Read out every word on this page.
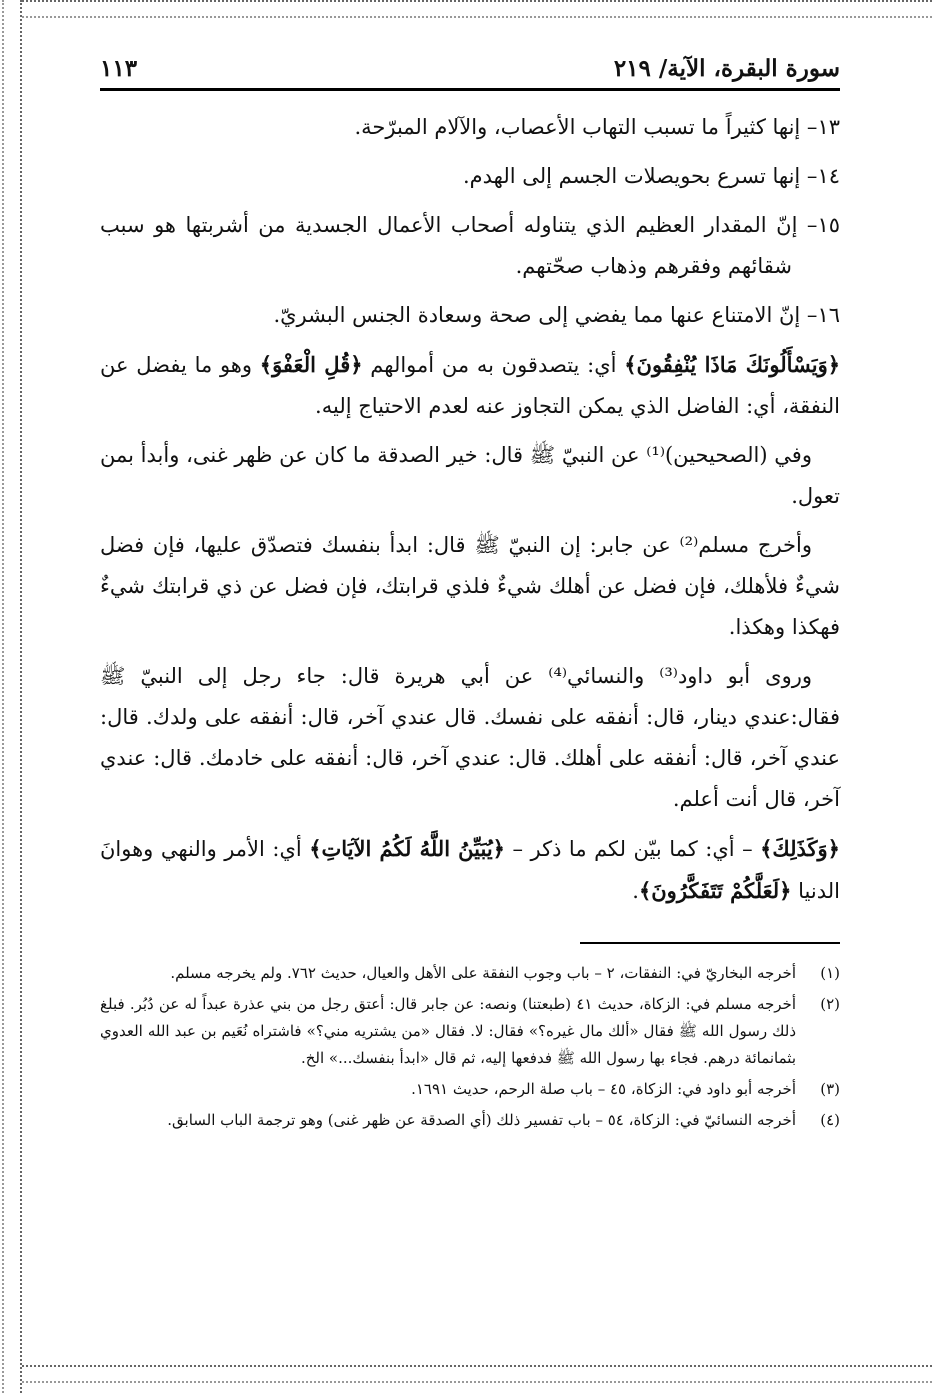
سورة البقرة، الآية/ ٢١٩
١١٣

١٣– إنها كثيراً ما تسبب التهاب الأعصاب، والآلام المبرّحة.

١٤– إنها تسرع بحويصلات الجسم إلى الهدم.

١٥– إنّ المقدار العظيم الذي يتناوله أصحاب الأعمال الجسدية من أشربتها هو سبب شقائهم وفقرهم وذهاب صحّتهم.

١٦– إنّ الامتناع عنها مما يفضي إلى صحة وسعادة الجنس البشريّ.

﴿وَيَسْأَلُونَكَ مَاذَا يُنْفِقُونَ﴾ أي: يتصدقون به من أموالهم ﴿قُلِ الْعَفْوَ﴾ وهو ما يفضل عن النفقة، أي: الفاضل الذي يمكن التجاوز عنه لعدم الاحتياج إليه.

وفي (الصحيحين)⁽¹⁾ عن النبيّ ﷺ قال: خير الصدقة ما كان عن ظهر غنى، وأبدأ بمن تعول.

وأخرج مسلم⁽²⁾ عن جابر: إن النبيّ ﷺ قال: ابدأ بنفسك فتصدّق عليها، فإن فضل شيءٌ فلأهلك، فإن فضل عن أهلك شيءٌ فلذي قرابتك، فإن فضل عن ذي قرابتك شيءٌ فهكذا وهكذا.

وروى أبو داود⁽³⁾ والنسائي⁽⁴⁾ عن أبي هريرة قال: جاء رجل إلى النبيّ ﷺ فقال:عندي دينار، قال: أنفقه على نفسك. قال عندي آخر، قال: أنفقه على ولدك. قال: عندي آخر، قال: أنفقه على أهلك. قال: عندي آخر، قال: أنفقه على خادمك. قال: عندي آخر، قال أنت أعلم.

﴿وَكَذَلِكَ﴾ – أي: كما بيّن لكم ما ذكر – ﴿يُبَيِّنُ اللَّهُ لَكُمُ الآيَاتِ﴾ أي: الأمر والنهي وهوانَ الدنيا ﴿لَعَلَّكُمْ تَتَفَكَّرُونَ﴾.

(١)
أخرجه البخاريّ في: النفقات، ٢ – باب وجوب النفقة على الأهل والعيال، حديث ٧٦٢. ولم يخرجه مسلم.
(٢)
أخرجه مسلم في: الزكاة، حديث ٤١ (طبعتنا) ونصه: عن جابر قال: أعتق رجل من بني عذرة عبداً له عن دُبُر. فبلغ ذلك رسول الله ﷺ فقال «ألك مال غيره؟» فقال: لا. فقال «من يشتريه مني؟» فاشتراه نُعَيم بن عبد الله العدوي بثمانمائة درهم. فجاء بها رسول الله ﷺ فدفعها إليه، ثم قال «ابدأ بنفسك...» الخ.
(٣)
أخرجه أبو داود في: الزكاة، ٤٥ – باب صلة الرحم، حديث ١٦٩١.
(٤)
أخرجه النسائيّ في: الزكاة، ٥٤ – باب تفسير ذلك (أي الصدقة عن ظهر غنى) وهو ترجمة الباب السابق.
